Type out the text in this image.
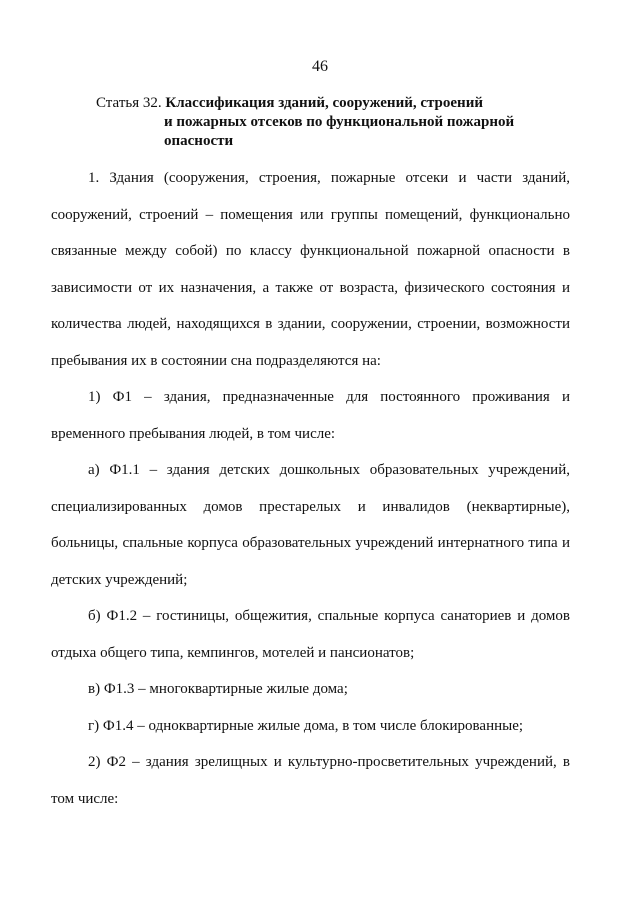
46
Статья 32.
Классификация зданий, сооружений, строений
и пожарных отсеков по функциональной пожарной
опасности

1. Здания (сооружения, строения, пожарные отсеки и части зданий, сооружений, строений – помещения или группы помещений, функционально связанные между собой) по классу функциональной пожарной опасности в зависимости от их назначения, а также от возраста, физического состояния и количества людей, находящихся в здании, сооружении, строении, возможности пребывания их в состоянии сна подразделяются на:

1) Ф1 – здания, предназначенные для постоянного проживания и временного пребывания людей, в том числе:

а) Ф1.1 – здания детских дошкольных образовательных учреждений, специализированных домов престарелых и инвалидов (неквартирные), больницы, спальные корпуса образовательных учреждений интернатного типа и детских учреждений;

б) Ф1.2 – гостиницы, общежития, спальные корпуса санаториев и домов отдыха общего типа, кемпингов, мотелей и пансионатов;

в) Ф1.3 – многоквартирные жилые дома;

г) Ф1.4 – одноквартирные жилые дома, в том числе блокированные;

2) Ф2 – здания зрелищных и культурно-просветительных учреждений, в том числе:
